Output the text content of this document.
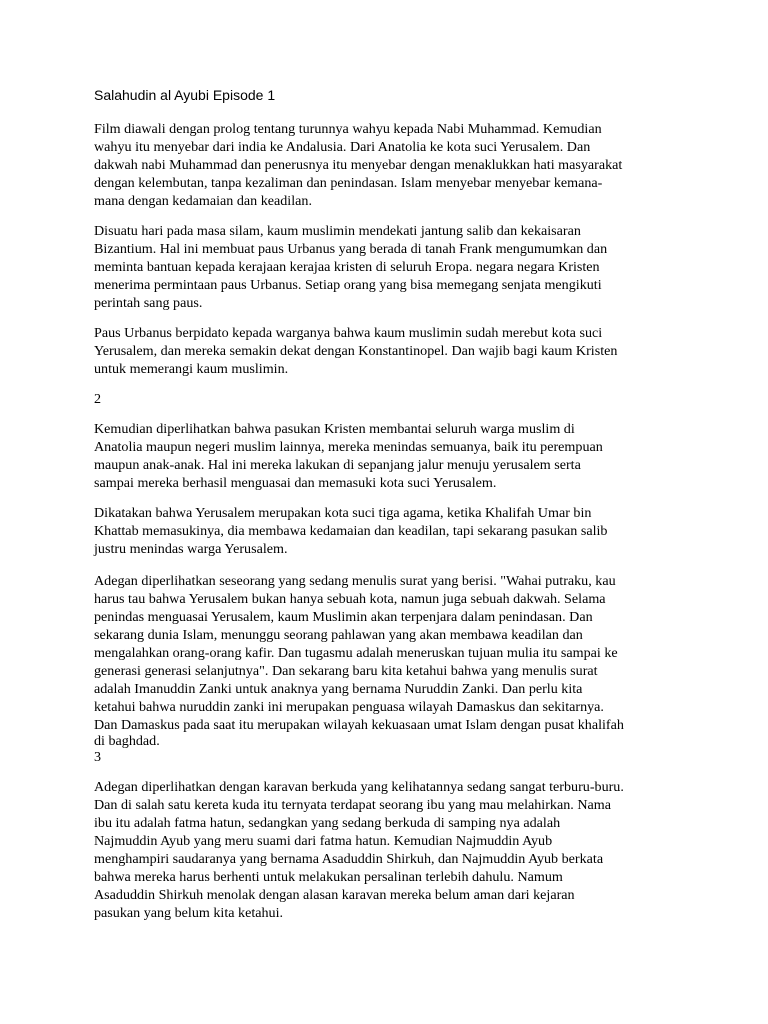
Salahudin al Ayubi Episode 1

Film diawali dengan prolog tentang turunnya wahyu kepada Nabi Muhammad. Kemudian

wahyu itu menyebar dari india ke Andalusia. Dari Anatolia ke kota suci Yerusalem. Dan

dakwah nabi Muhammad dan penerusnya itu menyebar dengan menaklukkan hati masyarakat

dengan kelembutan, tanpa kezaliman dan penindasan. Islam menyebar menyebar kemana-

mana dengan kedamaian dan keadilan.

Disuatu hari pada masa silam, kaum muslimin mendekati jantung salib dan kekaisaran

Bizantium. Hal ini membuat paus Urbanus yang berada di tanah Frank mengumumkan dan

meminta bantuan kepada kerajaan kerajaa kristen di seluruh Eropa. negara negara Kristen

menerima permintaan paus Urbanus. Setiap orang yang bisa memegang senjata mengikuti

perintah sang paus.

Paus Urbanus berpidato kepada warganya bahwa kaum muslimin sudah merebut kota suci

Yerusalem, dan mereka semakin dekat dengan Konstantinopel. Dan wajib bagi kaum Kristen

untuk memerangi kaum muslimin.

2

Kemudian diperlihatkan bahwa pasukan Kristen membantai seluruh warga muslim di

Anatolia maupun negeri muslim lainnya, mereka menindas semuanya, baik itu perempuan

maupun anak-anak. Hal ini mereka lakukan di sepanjang jalur menuju yerusalem serta

sampai mereka berhasil menguasai dan memasuki kota suci Yerusalem.

Dikatakan bahwa Yerusalem merupakan kota suci tiga agama, ketika Khalifah Umar bin

Khattab memasukinya, dia membawa kedamaian dan keadilan, tapi sekarang pasukan salib

justru menindas warga Yerusalem.

Adegan diperlihatkan seseorang yang sedang menulis surat yang berisi. "Wahai putraku, kau

harus tau bahwa Yerusalem bukan hanya sebuah kota, namun juga sebuah dakwah. Selama

penindas menguasai Yerusalem, kaum Muslimin akan terpenjara dalam penindasan. Dan

sekarang dunia Islam, menunggu seorang pahlawan yang akan membawa keadilan dan

mengalahkan orang-orang kafir. Dan tugasmu adalah meneruskan tujuan mulia itu sampai ke

generasi generasi selanjutnya". Dan sekarang baru kita ketahui bahwa yang menulis surat

adalah Imanuddin Zanki untuk anaknya yang bernama Nuruddin Zanki. Dan perlu kita

ketahui bahwa nuruddin zanki ini merupakan penguasa wilayah Damaskus dan sekitarnya.

Dan Damaskus pada saat itu merupakan wilayah kekuasaan umat Islam dengan pusat khalifah

di baghdad.

3

Adegan diperlihatkan dengan karavan berkuda yang kelihatannya sedang sangat terburu-buru.

Dan di salah satu kereta kuda itu ternyata terdapat seorang ibu yang mau melahirkan. Nama

ibu itu adalah fatma hatun, sedangkan yang sedang berkuda di samping nya adalah

Najmuddin Ayub yang meru suami dari fatma hatun. Kemudian Najmuddin Ayub

menghampiri saudaranya yang bernama Asaduddin Shirkuh, dan Najmuddin Ayub berkata

bahwa mereka harus berhenti untuk melakukan persalinan terlebih dahulu. Namum

Asaduddin Shirkuh menolak dengan alasan karavan mereka belum aman dari kejaran

pasukan yang belum kita ketahui.
